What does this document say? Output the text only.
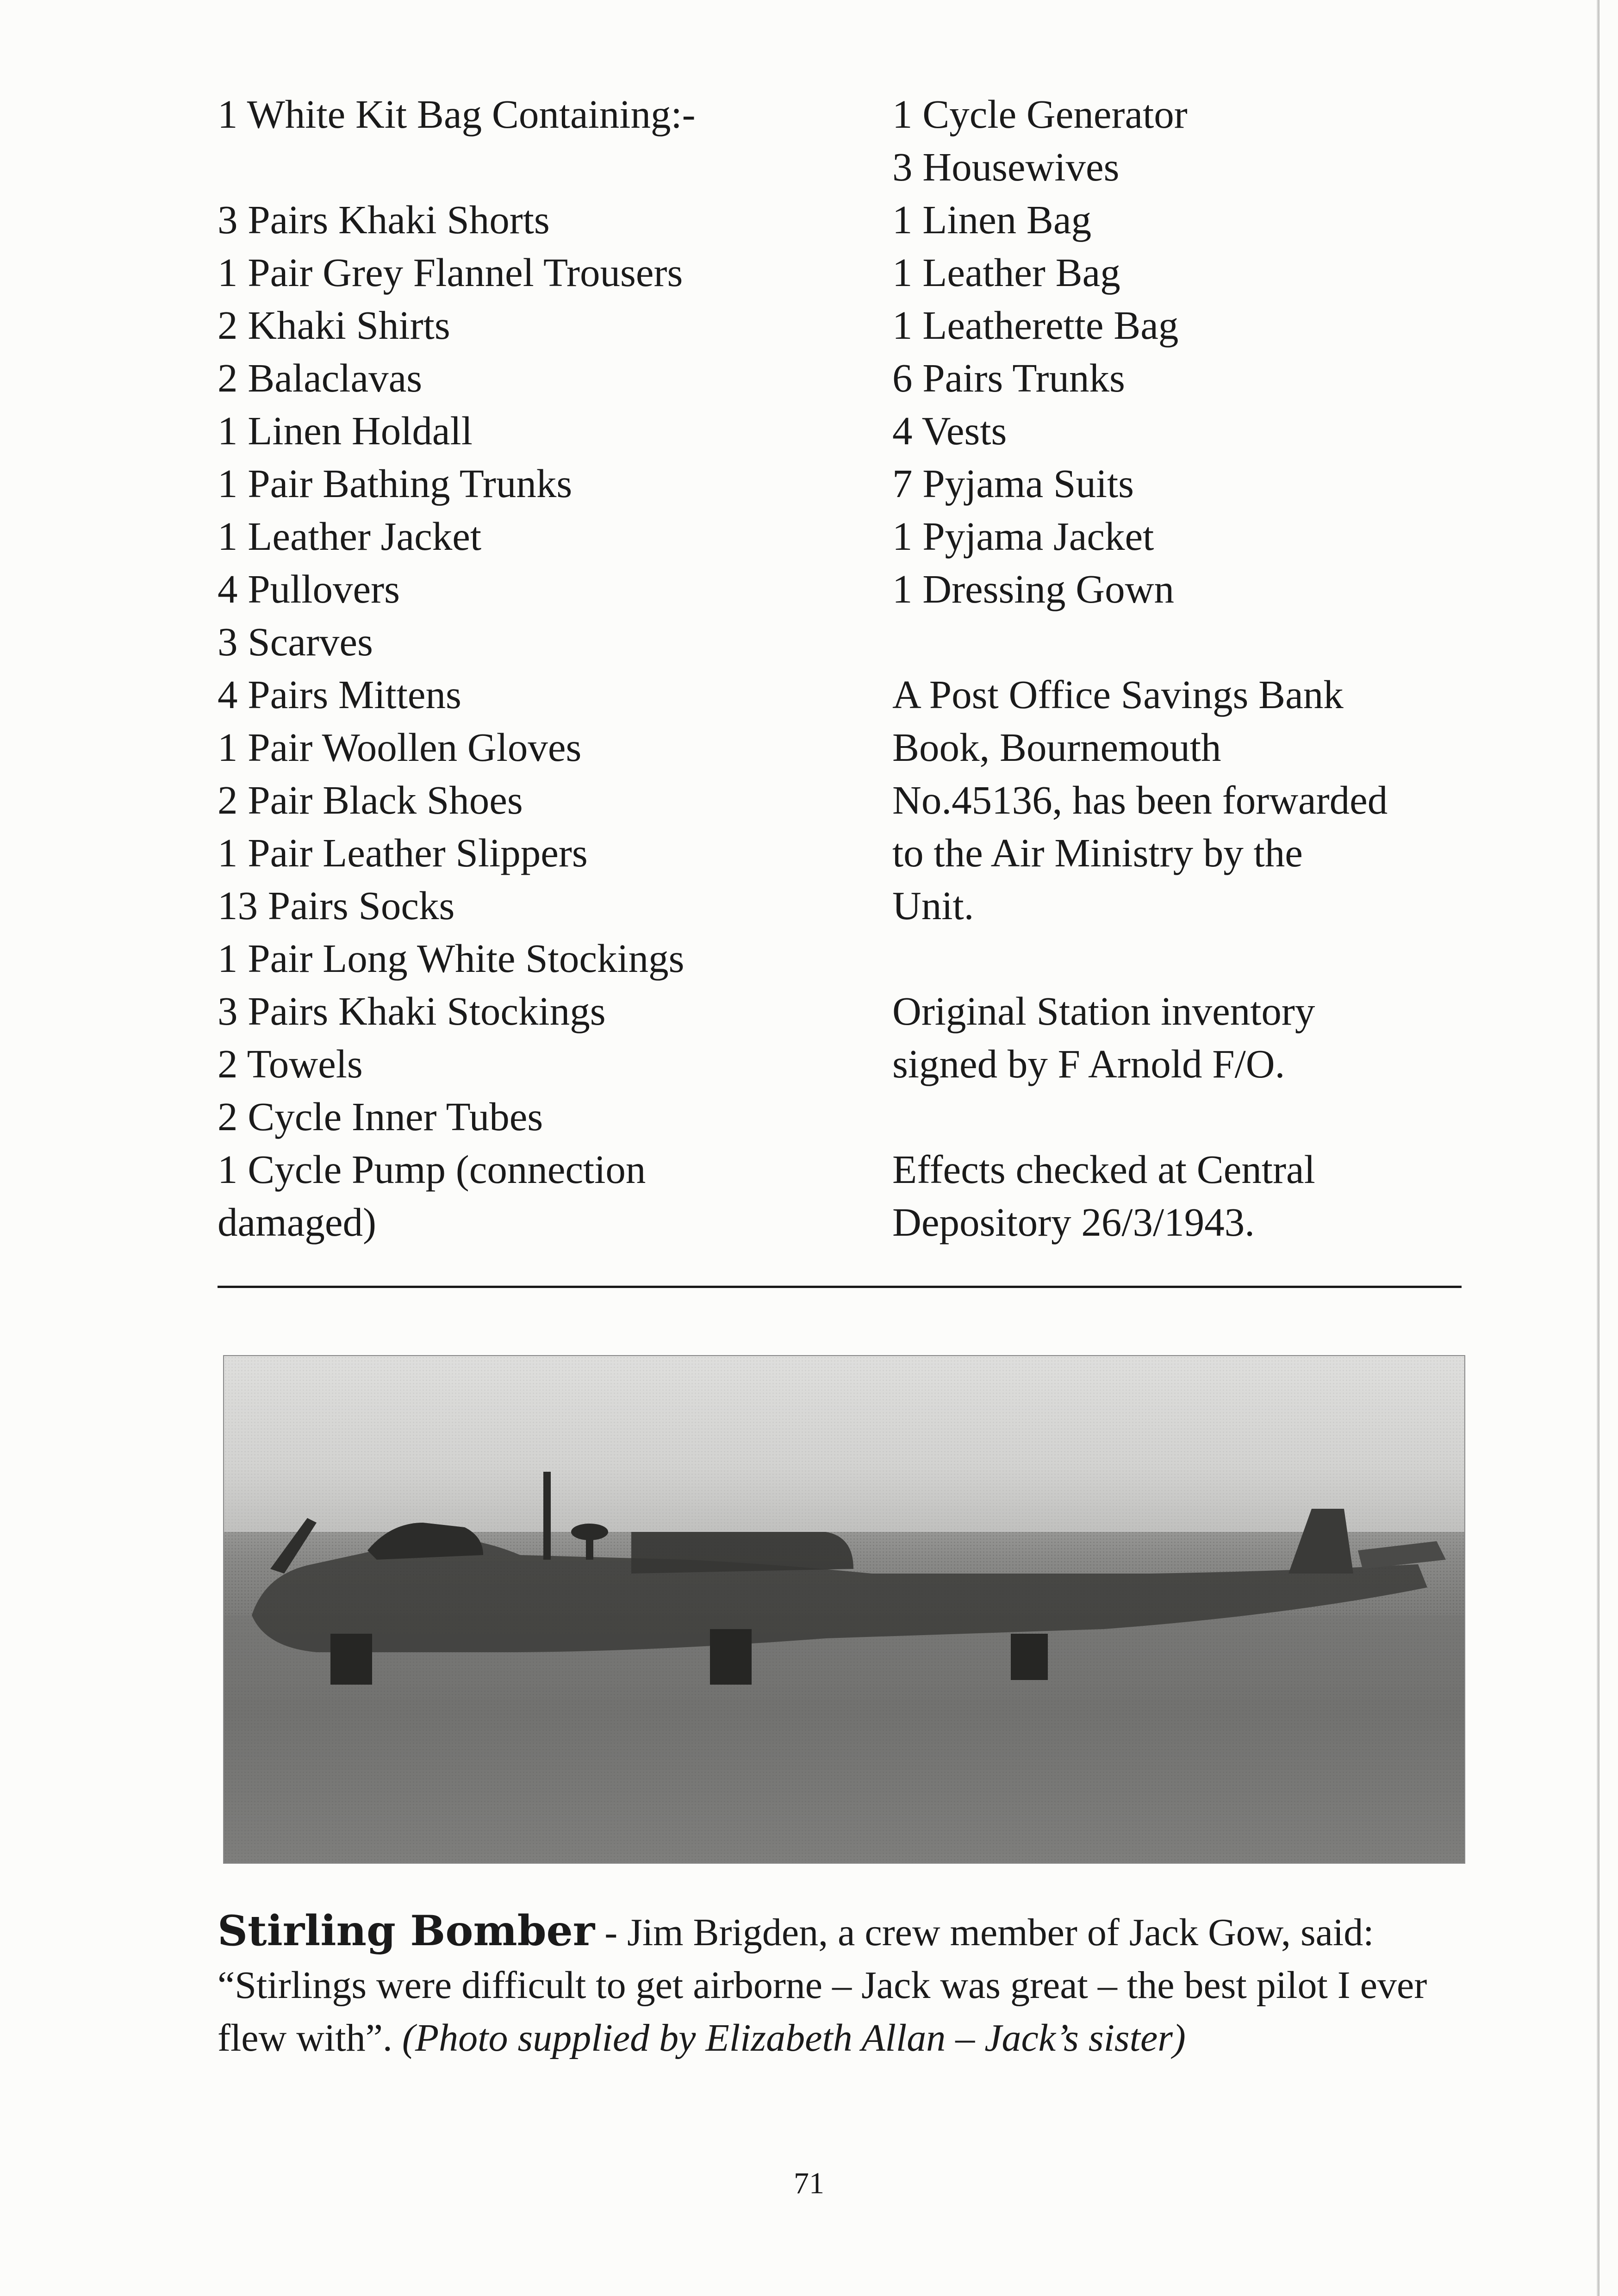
1 White Kit Bag Containing:-
3 Pairs Khaki Shorts
1 Pair Grey Flannel Trousers
2 Khaki Shirts
2 Balaclavas
1 Linen Holdall
1 Pair Bathing Trunks
1 Leather Jacket
4 Pullovers
3 Scarves
4 Pairs Mittens
1 Pair Woollen Gloves
2 Pair Black Shoes
1 Pair Leather Slippers
13 Pairs Socks
1 Pair Long White Stockings
3 Pairs Khaki Stockings
2 Towels
2 Cycle Inner Tubes
1 Cycle Pump (connection damaged)
1 Cycle Generator
3 Housewives
1 Linen Bag
1 Leather Bag
1 Leatherette Bag
6 Pairs Trunks
4 Vests
7 Pyjama Suits
1 Pyjama Jacket
1 Dressing Gown
A Post Office Savings Bank Book, Bournemouth No.45136, has been forwarded to the Air Ministry by the Unit.
Original Station inventory signed by F Arnold F/O.
Effects checked at Central Depository 26/3/1943.
Stirling Bomber - Jim Brigden, a crew member of Jack Gow, said: “Stirlings were difficult to get airborne – Jack was great – the best pilot I ever flew with”. (Photo supplied by Elizabeth Allan – Jack’s sister)
71
